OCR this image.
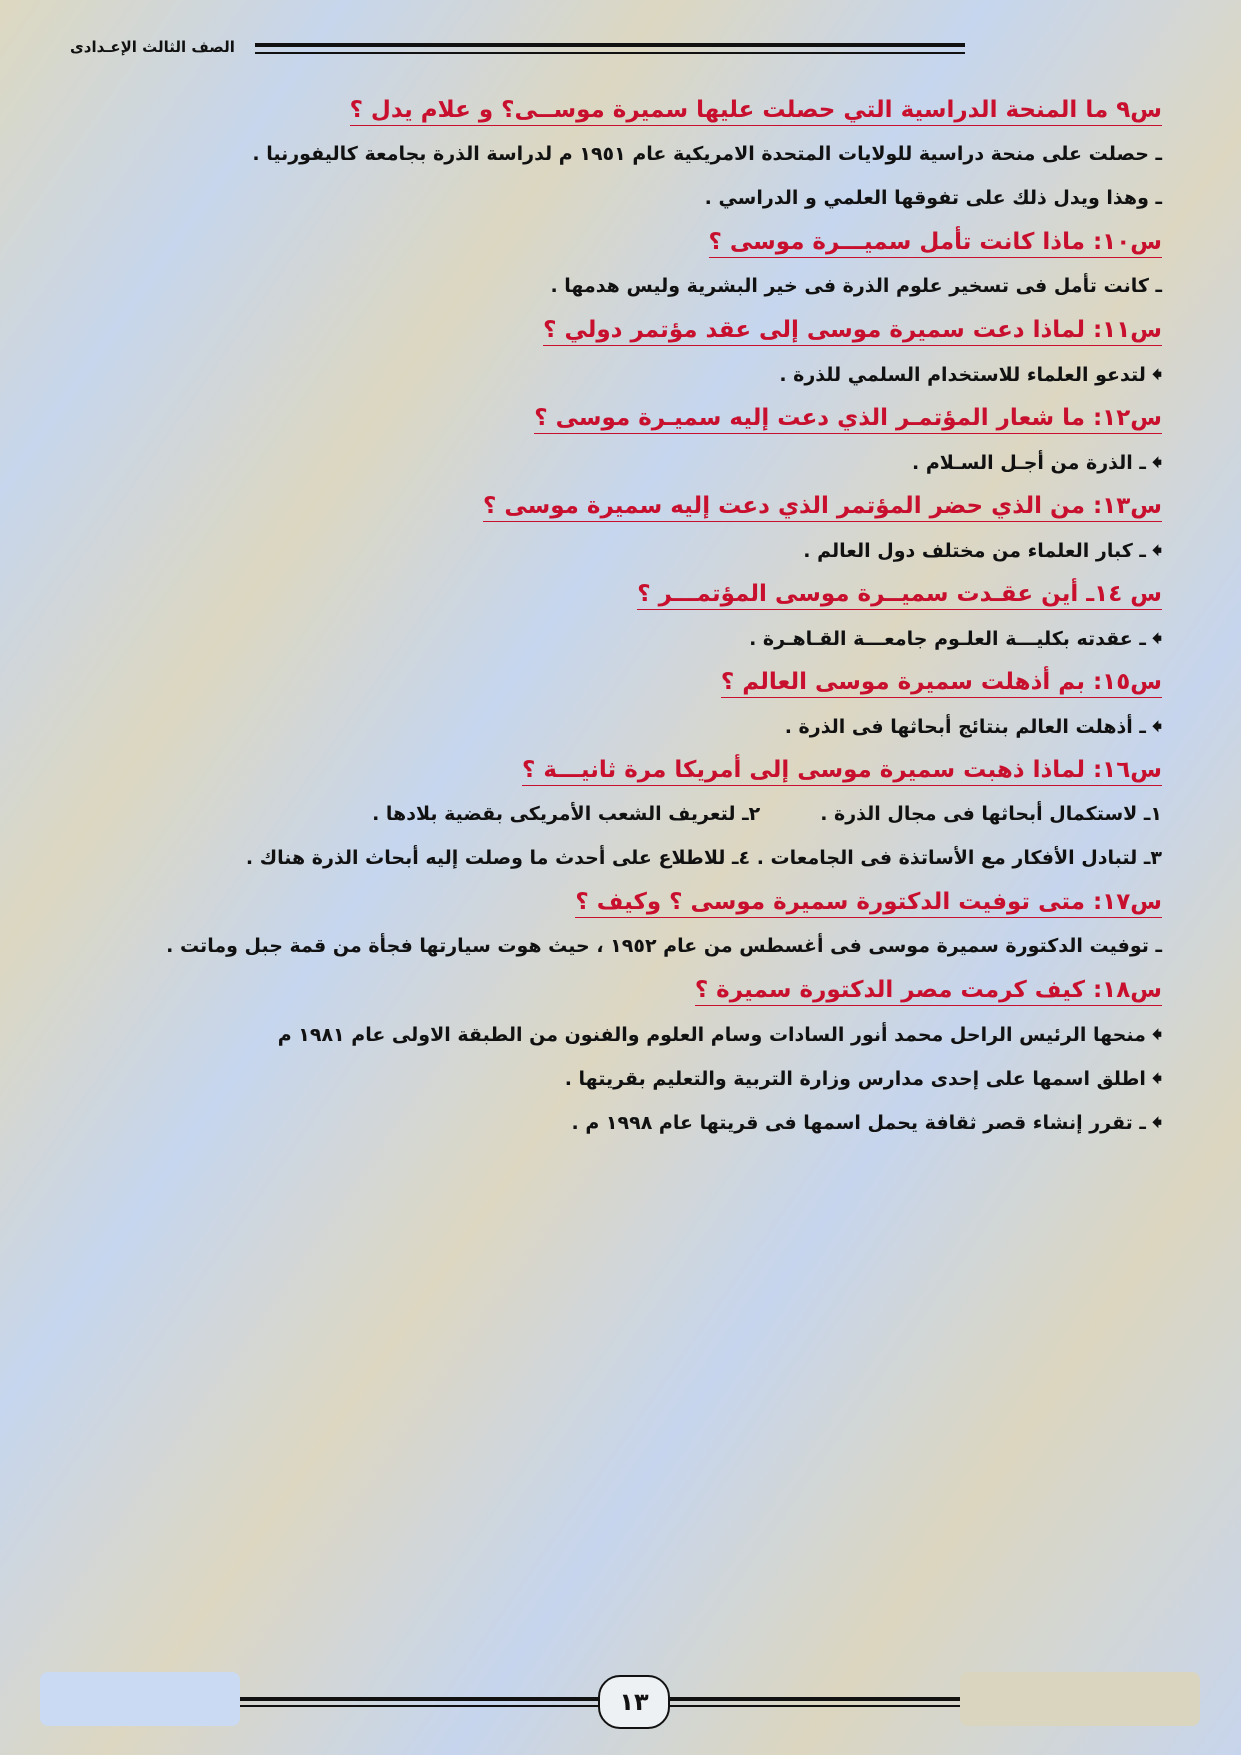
الصف الثالث الإعـدادى
س٩ ما المنحة الدراسية التي حصلت عليها سميرة موســى؟ و علام يدل ؟
ـ حصلت على منحة دراسية للولايات المتحدة الامريكية عام ١٩٥١ م لدراسة الذرة بجامعة كاليفورنيا .
ـ وهذا ويدل ذلك على تفوقها العلمي و الدراسي .
س١٠: ماذا كانت تأمل سميـــرة موسى ؟
ـ كانت تأمل فى تسخير علوم الذرة فى خير البشرية وليس هدمها .
س١١: لماذا دعت سميرة موسى إلى عقد مؤتمر دولي ؟
🠸لتدعو العلماء للاستخدام السلمي للذرة .
س١٢: ما شعار المؤتمـر الذي دعت إليه سميـرة موسى ؟
🠸ـ الذرة من أجـل السـلام .
س١٣: من الذي حضر المؤتمر الذي دعت إليه سميرة موسى ؟
🠸ـ كبار العلماء من مختلف دول العالم .
س ١٤ـ أين عقـدت سميــرة موسى المؤتمـــر ؟
🠸ـ عقدته بكليـــة العلـوم جامعـــة القـاهـرة .
س١٥: بم أذهلت سميرة موسى العالم ؟
🠸ـ أذهلت العالم بنتائج أبحاثها فى الذرة .
س١٦: لماذا ذهبت سميرة موسى إلى أمريكا مرة ثانيـــة ؟
١ـ لاستكمال أبحاثها فى مجال الذرة .٢ـ لتعريف الشعب الأمريكى بقضية بلادها .
٣ـ لتبادل الأفكار مع الأساتذة فى الجامعات . ٤ـ للاطلاع على أحدث ما وصلت إليه أبحاث الذرة هناك .
س١٧: متى توفيت الدكتورة سميرة موسى ؟ وكيف ؟
ـ توفيت الدكتورة سميرة موسى فى أغسطس من عام ١٩٥٢ ، حيث هوت سيارتها فجأة من قمة جبل وماتت .
س١٨: كيف كرمت مصر الدكتورة سميرة ؟
🠸منحها الرئيس الراحل محمد أنور السادات وسام العلوم والفنون من الطبقة الاولى عام ١٩٨١ م
🠸اطلق اسمها على إحدى مدارس وزارة التربية والتعليم بقريتها .
🠸ـ تقرر إنشاء قصر ثقافة يحمل اسمها فى قريتها عام ١٩٩٨ م .
١٣
